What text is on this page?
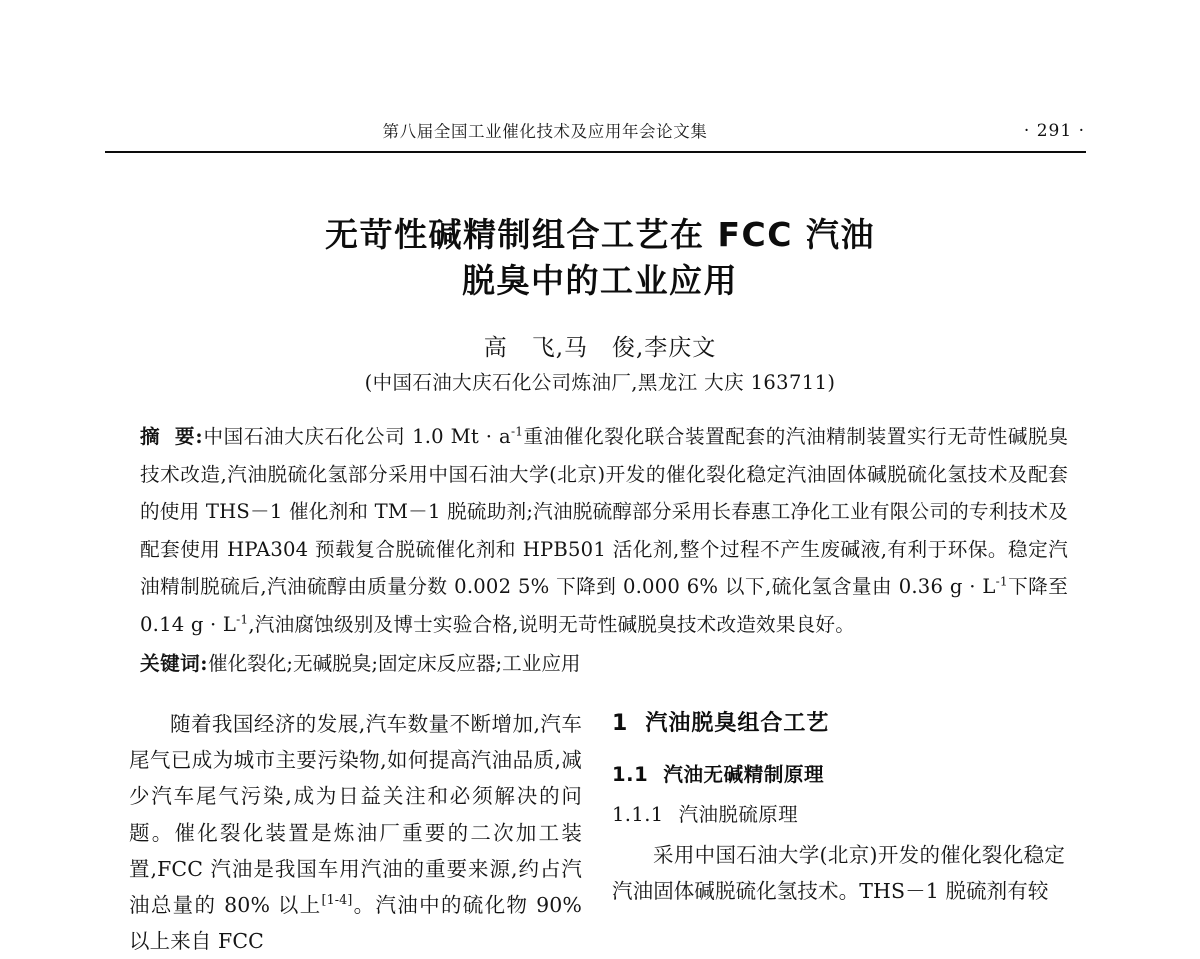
第八届全国工业催化技术及应用年会论文集	· 291 ·
无苛性碱精制组合工艺在 FCC 汽油
脱臭中的工业应用
高　飞,马　俊,李庆文
(中国石油大庆石化公司炼油厂,黑龙江 大庆 163711)
摘 要:中国石油大庆石化公司 1.0 $Mt \cdot a^{-1}$重油催化裂化联合装置配套的汽油精制装置实行无苛性碱脱臭技术改造,汽油脱硫化氢部分采用中国石油大学(北京)开发的催化裂化稳定汽油固体碱脱硫化氢技术及配套的使用 THS－1 催化剂和 TM－1 脱硫助剂;汽油脱硫醇部分采用长春惠工净化工业有限公司的专利技术及配套使用 HPA304 预载复合脱硫催化剂和 HPB501 活化剂,整个过程不产生废碱液,有利于环保。稳定汽油精制脱硫后,汽油硫醇由质量分数 0.002 5% 下降到 0.000 6% 以下,硫化氢含量由 0.36 $g \cdot L^{-1}$下降至 0.14 $g \cdot L^{-1}$,汽油腐蚀级别及博士实验合格,说明无苛性碱脱臭技术改造效果良好。
关键词:催化裂化;无碱脱臭;固定床反应器;工业应用

随着我国经济的发展,汽车数量不断增加,汽车尾气已成为城市主要污染物,如何提高汽油品质,减少汽车尾气污染,成为日益关注和必须解决的问题。催化裂化装置是炼油厂重要的二次加工装置,FCC 汽油是我国车用汽油的重要来源,约占汽油总量的 80% 以上[1-4]。汽油中的硫化物 90% 以上来自 FCC

1 汽油脱臭组合工艺
1.1 汽油无碱精制原理
1.1.1 汽油脱硫原理

采用中国石油大学(北京)开发的催化裂化稳定汽油固体碱脱硫化氢技术。THS－1 脱硫剂有较
